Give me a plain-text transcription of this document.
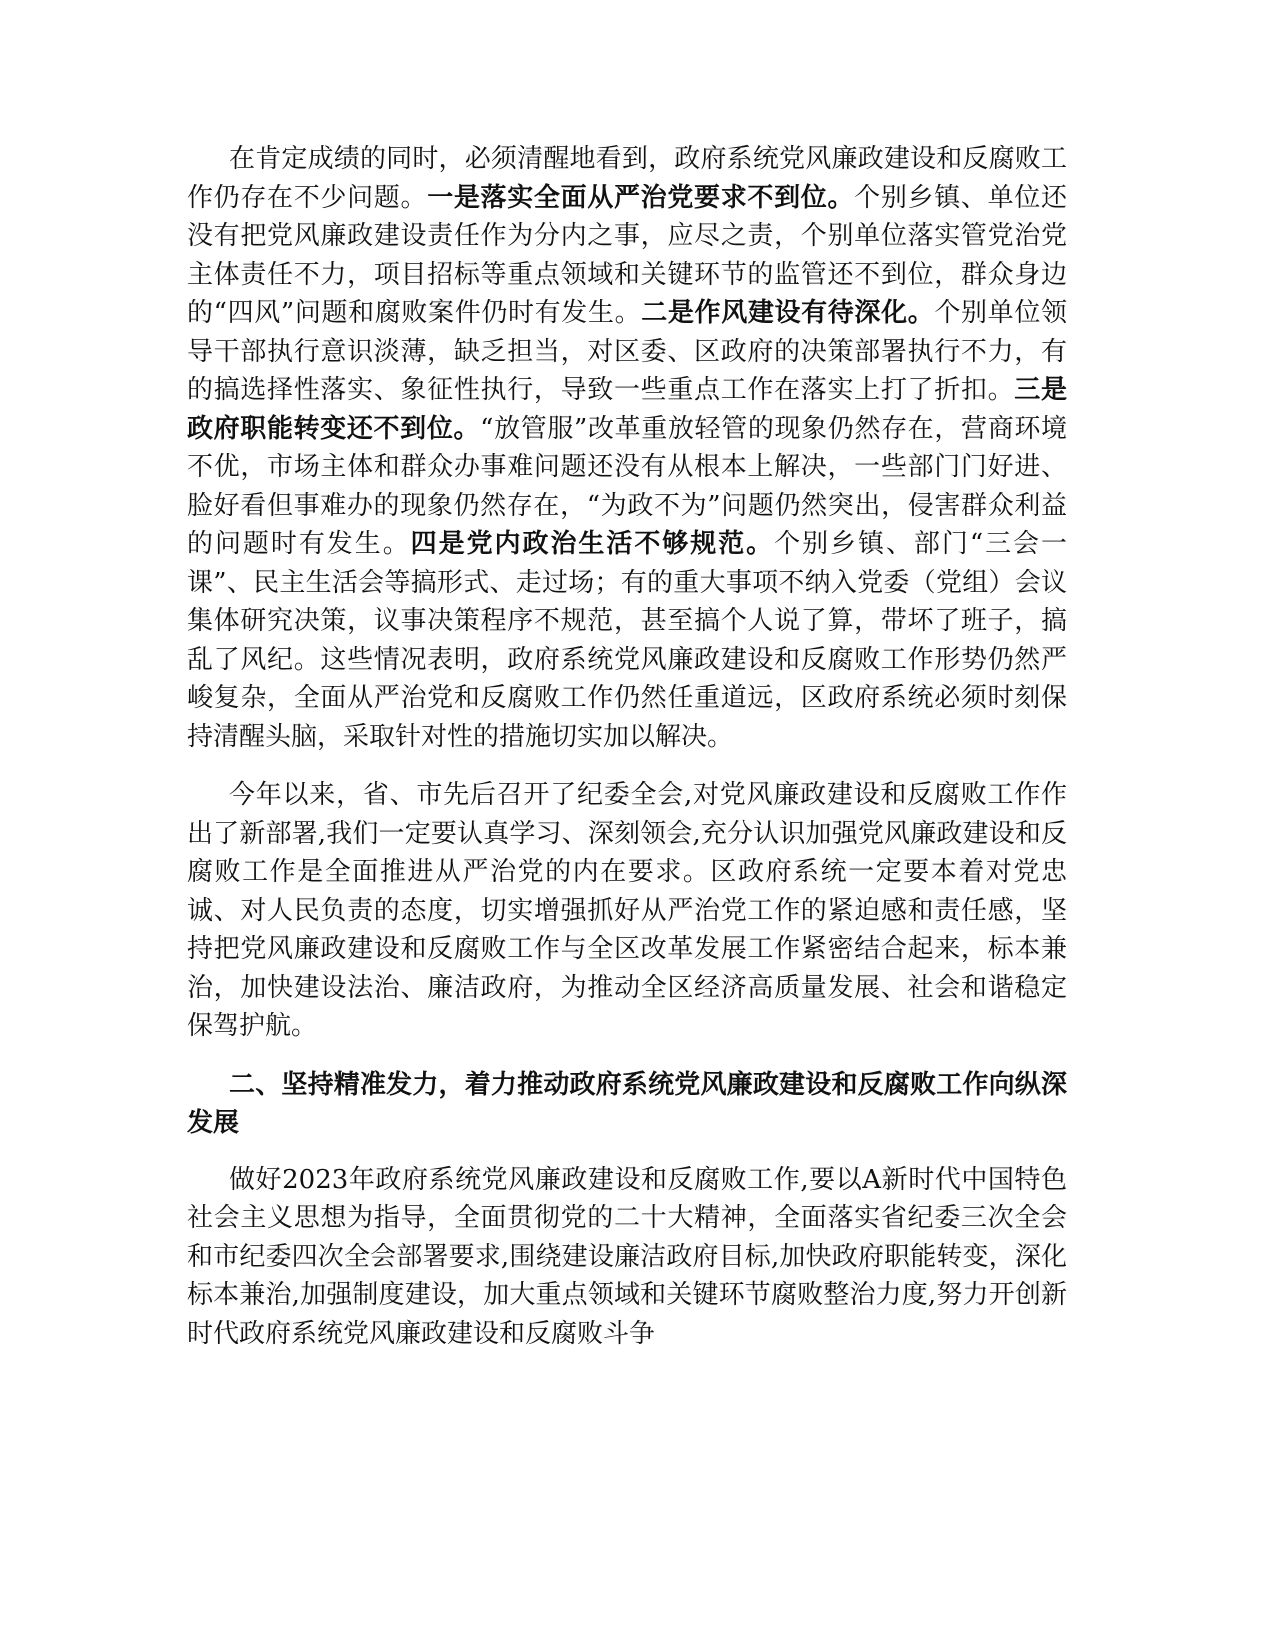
在肯定成绩的同时，必须清醒地看到，政府系统党风廉政建设和反腐败工作仍存在不少问题。一是落实全面从严治党要求不到位。个别乡镇、单位还没有把党风廉政建设责任作为分内之事，应尽之责，个别单位落实管党治党主体责任不力，项目招标等重点领域和关键环节的监管还不到位，群众身边的“四风”问题和腐败案件仍时有发生。二是作风建设有待深化。个别单位领导干部执行意识淡薄，缺乏担当，对区委、区政府的决策部署执行不力，有的搞选择性落实、象征性执行，导致一些重点工作在落实上打了折扣。三是政府职能转变还不到位。“放管服”改革重放轻管的现象仍然存在，营商环境不优，市场主体和群众办事难问题还没有从根本上解决，一些部门门好进、脸好看但事难办的现象仍然存在，“为政不为”问题仍然突出，侵害群众利益的问题时有发生。四是党内政治生活不够规范。个别乡镇、部门“三会一课”、民主生活会等搞形式、走过场；有的重大事项不纳入党委（党组）会议集体研究决策，议事决策程序不规范，甚至搞个人说了算，带坏了班子，搞乱了风纪。这些情况表明，政府系统党风廉政建设和反腐败工作形势仍然严峻复杂，全面从严治党和反腐败工作仍然任重道远，区政府系统必须时刻保持清醒头脑，采取针对性的措施切实加以解决。

今年以来，省、市先后召开了纪委全会,对党风廉政建设和反腐败工作作出了新部署,我们一定要认真学习、深刻领会,充分认识加强党风廉政建设和反腐败工作是全面推进从严治党的内在要求。区政府系统一定要本着对党忠诚、对人民负责的态度，切实增强抓好从严治党工作的紧迫感和责任感，坚持把党风廉政建设和反腐败工作与全区改革发展工作紧密结合起来，标本兼治，加快建设法治、廉洁政府，为推动全区经济高质量发展、社会和谐稳定保驾护航。

二、坚持精准发力，着力推动政府系统党风廉政建设和反腐败工作向纵深发展

做好2023年政府系统党风廉政建设和反腐败工作,要以A新时代中国特色社会主义思想为指导，全面贯彻党的二十大精神，全面落实省纪委三次全会和市纪委四次全会部署要求,围绕建设廉洁政府目标,加快政府职能转变，深化标本兼治,加强制度建设，加大重点领域和关键环节腐败整治力度,努力开创新时代政府系统党风廉政建设和反腐败斗争
